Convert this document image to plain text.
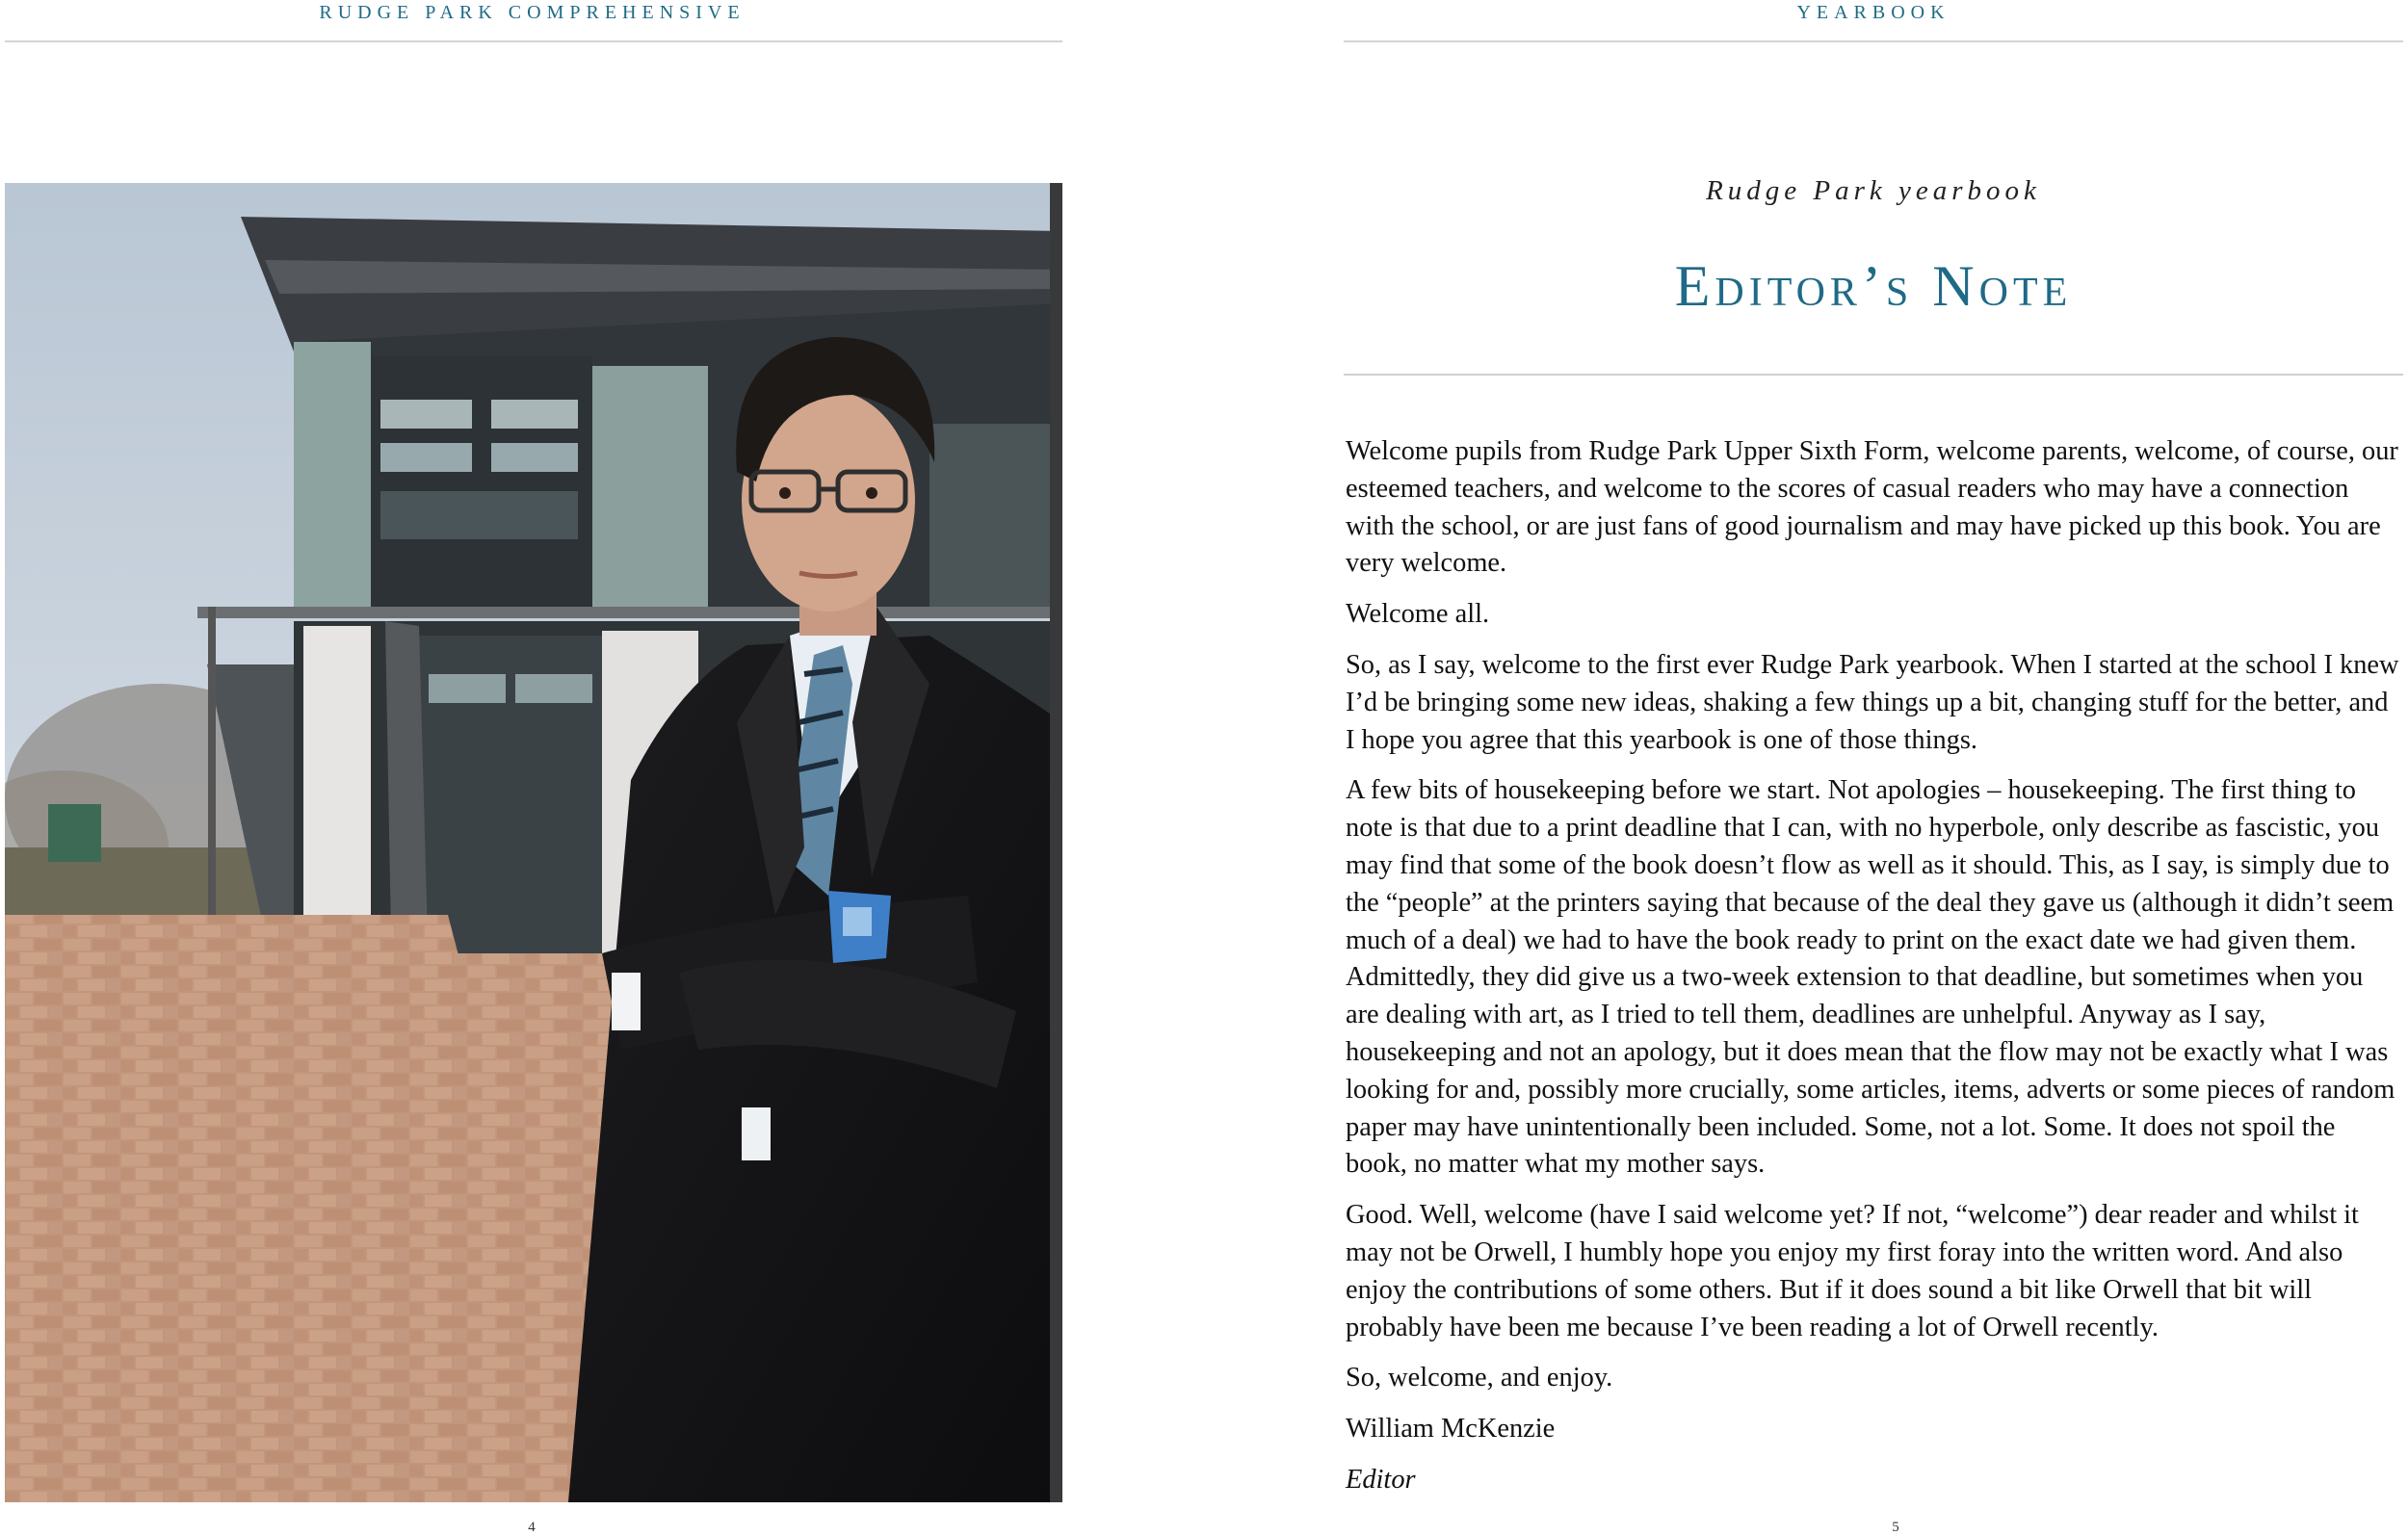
RUDGE PARK COMPREHENSIVE
4
YEARBOOK
Rudge Park yearbook
Editor’s Note

Welcome pupils from Rudge Park Upper Sixth Form, welcome parents, welcome, of course, our esteemed teachers, and welcome to the scores of casual readers who may have a connection with the school, or are just fans of good journalism and may have picked up this book. You are very welcome.

Welcome all.

So, as I say, welcome to the first ever Rudge Park yearbook. When I started at the school I knew I’d be bringing some new ideas, shaking a few things up a bit, changing stuff for the better, and I hope you agree that this yearbook is one of those things.

A few bits of housekeeping before we start. Not apologies – housekeeping. The first thing to note is that due to a print deadline that I can, with no hyperbole, only describe as fascistic, you may find that some of the book doesn’t flow as well as it should. This, as I say, is simply due to the “people” at the printers saying that because of the deal they gave us (although it didn’t seem much of a deal) we had to have the book ready to print on the exact date we had given them. Admittedly, they did give us a two-week extension to that deadline, but sometimes when you are dealing with art, as I tried to tell them, deadlines are unhelpful. Anyway as I say, housekeeping and not an apology, but it does mean that the flow may not be exactly what I was looking for and, possibly more crucially, some articles, items, adverts or some pieces of random paper may have unintentionally been included. Some, not a lot. Some. It does not spoil the book, no matter what my mother says.

Good. Well, welcome (have I said welcome yet? If not, “welcome”) dear reader and whilst it may not be Orwell, I humbly hope you enjoy my first foray into the written word. And also enjoy the contributions of some others. But if it does sound a bit like Orwell that bit will probably have been me because I’ve been reading a lot of Orwell recently.

So, welcome, and enjoy.

William McKenzie

Editor

5
